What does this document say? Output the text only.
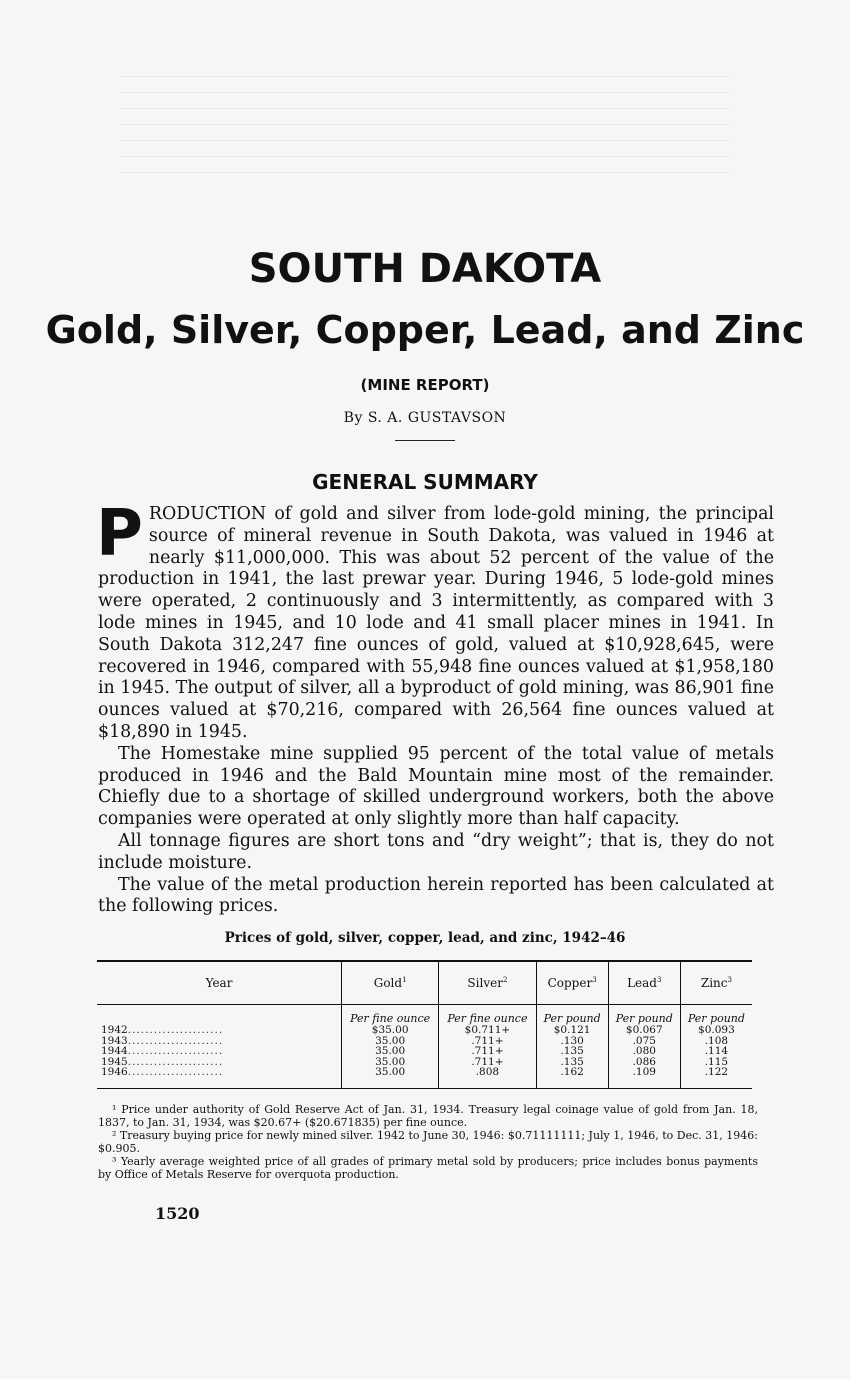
SOUTH DAKOTA
Gold, Silver, Copper, Lead, and Zinc
(MINE REPORT)
By S. A. GUSTAVSON
GENERAL SUMMARY

PRODUCTION of gold and silver from lode-gold mining, the principal source of mineral revenue in South Dakota, was valued in 1946 at nearly $11,000,000. This was about 52 percent of the value of the production in 1941, the last prewar year. During 1946, 5 lode-gold mines were operated, 2 continuously and 3 intermittently, as compared with 3 lode mines in 1945, and 10 lode and 41 small placer mines in 1941. In South Dakota 312,247 fine ounces of gold, valued at $10,928,645, were recovered in 1946, compared with 55,948 fine ounces valued at $1,958,180 in 1945. The output of silver, all a byproduct of gold mining, was 86,901 fine ounces valued at $70,216, compared with 26,564 fine ounces valued at $18,890 in 1945.

The Homestake mine supplied 95 percent of the total value of metals produced in 1946 and the Bald Mountain mine most of the remainder. Chiefly due to a shortage of skilled underground workers, both the above companies were operated at only slightly more than half capacity.

All tonnage figures are short tons and “dry weight”; that is, they do not include moisture.

The value of the metal production herein reported has been calculated at the following prices.

Prices of gold, silver, copper, lead, and zinc, 1942–46
Year	Gold$^1$	Silver$^2$	Copper$^3$	Lead$^3$	Zinc$^3$
	Per fine ounce	Per fine ounce	Per pound	Per pound	Per pound
1942......................	$35.00	$0.711+	$0.121	$0.067	$0.093
1943......................	35.00	.711+	.130	.075	.108
1944......................	35.00	.711+	.135	.080	.114
1945......................	35.00	.711+	.135	.086	.115
1946......................	35.00	.808	.162	.109	.122

¹ Price under authority of Gold Reserve Act of Jan. 31, 1934. Treasury legal coinage value of gold from Jan. 18, 1837, to Jan. 31, 1934, was $20.67+ ($20.671835) per fine ounce.

² Treasury buying price for newly mined silver. 1942 to June 30, 1946: $0.71111111; July 1, 1946, to Dec. 31, 1946: $0.905.

³ Yearly average weighted price of all grades of primary metal sold by producers; price includes bonus payments by Office of Metals Reserve for overquota production.

1520
